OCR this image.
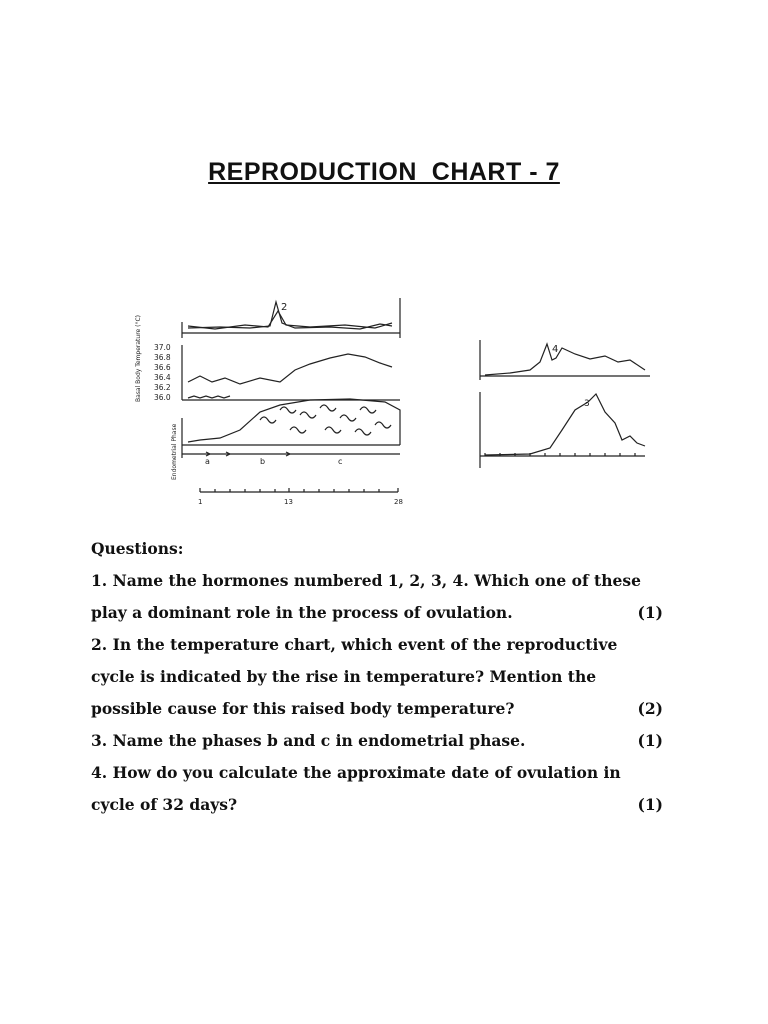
REPRODUCTION  CHART - 7
2
37.0
36.8
36.6
36.4
36.2
36.0
Basal Body Temperature (°C)
Endometrial Phase	a	b	c
1	13	28
4
3
Questions:
1. Name the hormones numbered 1, 2, 3, 4. Which one of these
play a dominant role in the process of ovulation.	(1)
2. In the temperature chart, which event of the reproductive
cycle is indicated by the rise in temperature? Mention the
possible cause for this raised body temperature?	(2)
3. Name the phases b and c in endometrial phase.	(1)
4. How do you calculate the approximate date of ovulation in
cycle of 32 days?	(1)
